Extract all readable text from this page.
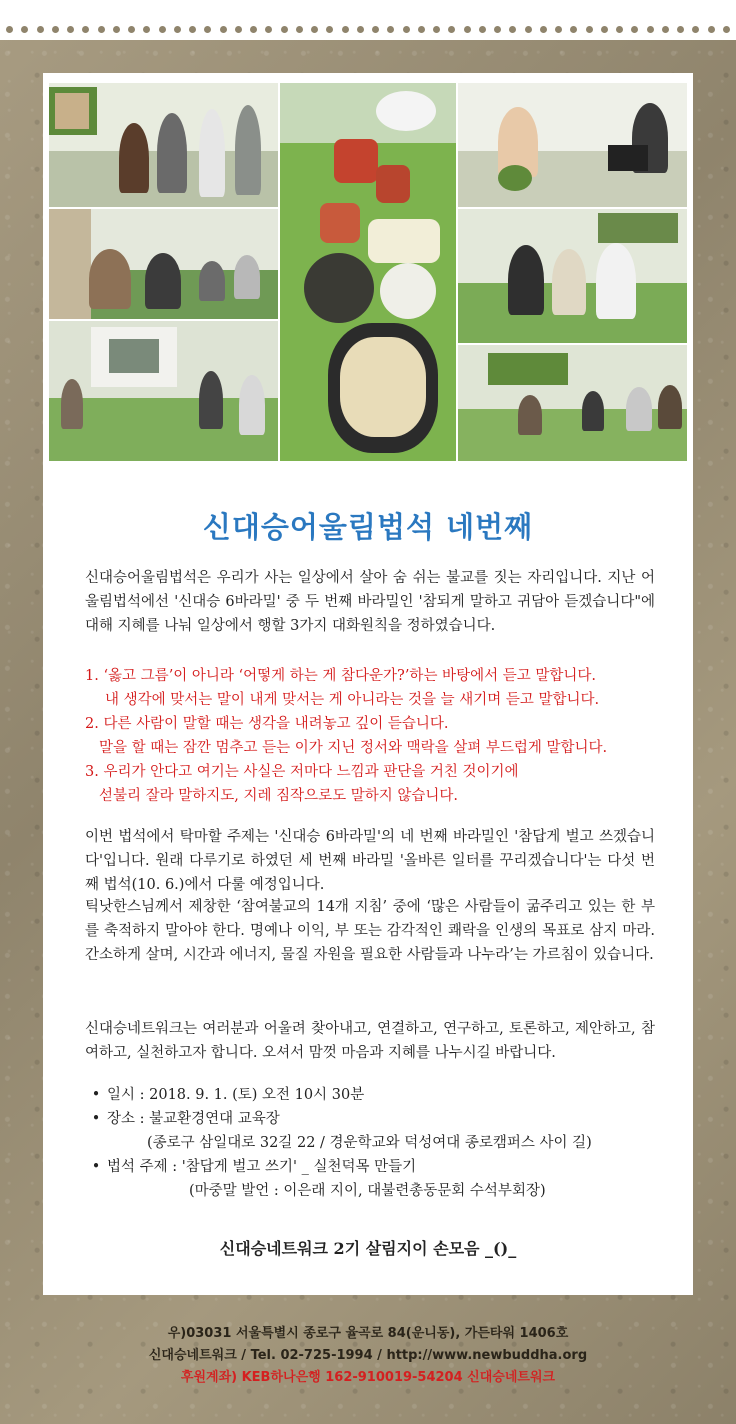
신대승어울림법석 네번째
신대승어울림법석은 우리가 사는 일상에서 살아 숨 쉬는 불교를 짓는 자리입니다. 지난 어울림법석에선 '신대승 6바라밀' 중 두 번째 바라밀인 '참되게 말하고 귀담아 듣겠습니다"에 대해 지혜를 나눠 일상에서 행할 3가지 대화원칙을 정하였습니다.
1. ‘옳고 그름’이 아니라 ‘어떻게 하는 게 참다운가?’하는 바탕에서 듣고 말합니다.
내 생각에 맞서는 말이 내게 맞서는 게 아니라는 것을 늘 새기며 듣고 말합니다.
2. 다른 사람이 말할 때는 생각을 내려놓고 깊이 듣습니다.
말을 할 때는 잠깐 멈추고 듣는 이가 지닌 정서와 맥락을 살펴 부드럽게 말합니다.
3. 우리가 안다고 여기는 사실은 저마다 느낌과 판단을 거친 것이기에
섣불리 잘라 말하지도, 지레 짐작으로도 말하지 않습니다.
이번 법석에서 탁마할 주제는 '신대승 6바라밀'의 네 번째 바라밀인 '참답게 벌고 쓰겠습니다'입니다. 원래 다루기로 하였던 세 번째 바라밀 '올바른 일터를 꾸리겠습니다'는 다섯 번째 법석(10. 6.)에서 다룰 예정입니다.
틱낫한스님께서 제창한 ‘참여불교의 14개 지침’ 중에 ‘많은 사람들이 굶주리고 있는 한 부를 축적하지 말아야 한다. 명예나 이익, 부 또는 감각적인 쾌락을 인생의 목표로 삼지 마라. 간소하게 살며, 시간과 에너지, 물질 자원을 필요한 사람들과 나누라’는 가르침이 있습니다.
신대승네트워크는 여러분과 어울려 찾아내고, 연결하고, 연구하고, 토론하고, 제안하고, 참여하고, 실천하고자 합니다. 오셔서 맘껏 마음과 지혜를 나누시길 바랍니다.
• 일시 : 2018. 9. 1. (토) 오전 10시 30분
• 장소 : 불교환경연대 교육장
(종로구 삼일대로 32길 22 / 경운학교와 덕성여대 종로캠퍼스 사이 길)
• 법석 주제 : '참답게 벌고 쓰기' _ 실천덕목 만들기
(마중말 발언 : 이은래 지이, 대불련총동문회 수석부회장)
신대승네트워크 2기 살림지이 손모음 _()_
우)03031 서울특별시 종로구 율곡로 84(운니동), 가든타워 1406호
신대승네트워크 / Tel. 02-725-1994 / http://www.newbuddha.org
후원계좌) KEB하나은행 162-910019-54204 신대승네트워크
